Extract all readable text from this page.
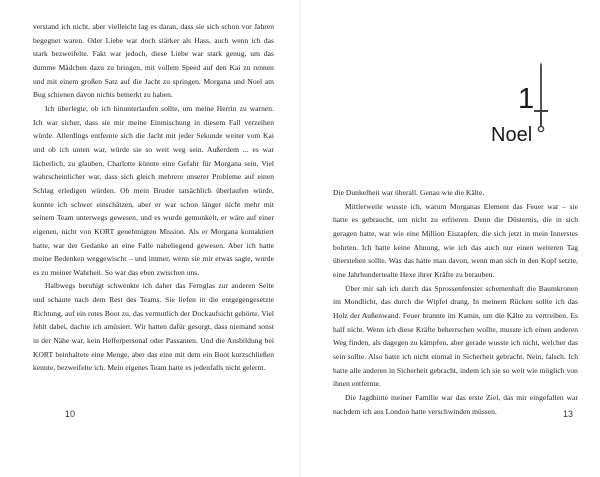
verstand ich nicht, aber vielleicht lag es daran, dass sie sich schon vor Jahren begegnet waren. Oder Liebe war doch stärker als Hass, auch wenn ich das stark bezweifelte. Fakt war jedoch, diese Liebe war stark genug, um das dumme Mädchen dazu zu bringen, mit vollem Speed auf den Kai zu rennen und mit einem großen Satz auf die Jacht zu springen. Morgana und Noel am Bug schienen davon nichts bemerkt zu haben.

Ich überlegte, ob ich hinunterlaufen sollte, um meine Herrin zu warnen. Ich war sicher, dass sie mir meine Einmischung in diesem Fall verzeihen würde. Allerdings entfernte sich die Jacht mit jeder Sekunde weiter vom Kai und ob ich unten war, würde sie so weit weg sein. Außerdem ... es war lächerlich, zu glauben, Charlotte könnte eine Gefahr für Morgana sein. Viel wahrscheinlicher war, dass sich gleich mehrere unserer Probleme auf einen Schlag erledigen würden. Ob mein Bruder tatsächlich überlaufen würde, konnte ich schwer einschätzen, aber er war schon länger nicht mehr mit seinem Team unterwegs gewesen, und es wurde gemunkelt, er wäre auf einer eigenen, nicht von KORT genehmigten Mission. Als er Morgana kontaktiert hatte, war der Gedanke an eine Falle naheliegend gewesen. Aber ich hatte meine Bedenken weggewischt – und immer, wenn sie mir etwas sagte, wurde es zu meiner Wahrheit. So war das eben zwischen uns.

Halbwegs beruhigt schwenkte ich daher das Fernglas zur anderen Seite und schaute nach dem Rest des Teams. Sie liefen in die entgegengesetzte Richtung, auf ein rotes Boot zu, das vermutlich der Dockaufsicht gehörte. Viel fehlt dabei, dachte ich amüsiert. Wir hatten dafür gesorgt, dass niemand sonst in der Nähe war, kein Helferpersonal oder Passanten. Und die Ausbildung bei KORT beinhaltete eine Menge, aber das eine mit dem ein Boot kurzschließen kennte, bezweifelte ich. Mein eigenes Team hatte es jedenfalls nicht gelernt.

10
1
Noel

Die Dunkelheit war überall. Genau wie die Kälte.

Mittlerweile wusste ich, warum Morganas Element das Feuer war – sie hatte es gebraucht, um nicht zu erfrieren. Denn die Düsternis, die in sich geragen hatte, war wie eine Million Eiszapfen, die sich jetzt in mein Innerstes bohrten. Ich hatte keine Ahnung, wie ich das auch nur einen weiteren Tag überstehen sollte. Was das hatte man davon, wenn man sich in den Kopf setzte, eine Jahrhundertealte Hexe ihrer Kräfte zu berauben.

Über mir sah ich durch das Sprossenfenster schemenhaft die Baumkronen im Mondlicht, das durch die Wipfel drang. In meinem Rücken sollte ich das Holz der Außenwand. Feuer brannte im Kamin, um die Kälte zu vertreiben. Es half nicht. Wenn ich diese Kräfte beherrschen wollte, musste ich einen anderen Weg finden, als dagegen zu kämpfen, aber gerade wusste ich nicht, welcher das sein sollte. Also hatte ich nicht einmal in Sicherheit gebracht. Nein, falsch. Ich hatte alle anderen in Sicherheit gebracht, indem ich sie so weit wie möglich von ihnen entfernte.

Die Jagdhütte meiner Familie war das erste Ziel, das mir eingefallen war nachdem ich aus London hatte verschwinden müssen.	13
